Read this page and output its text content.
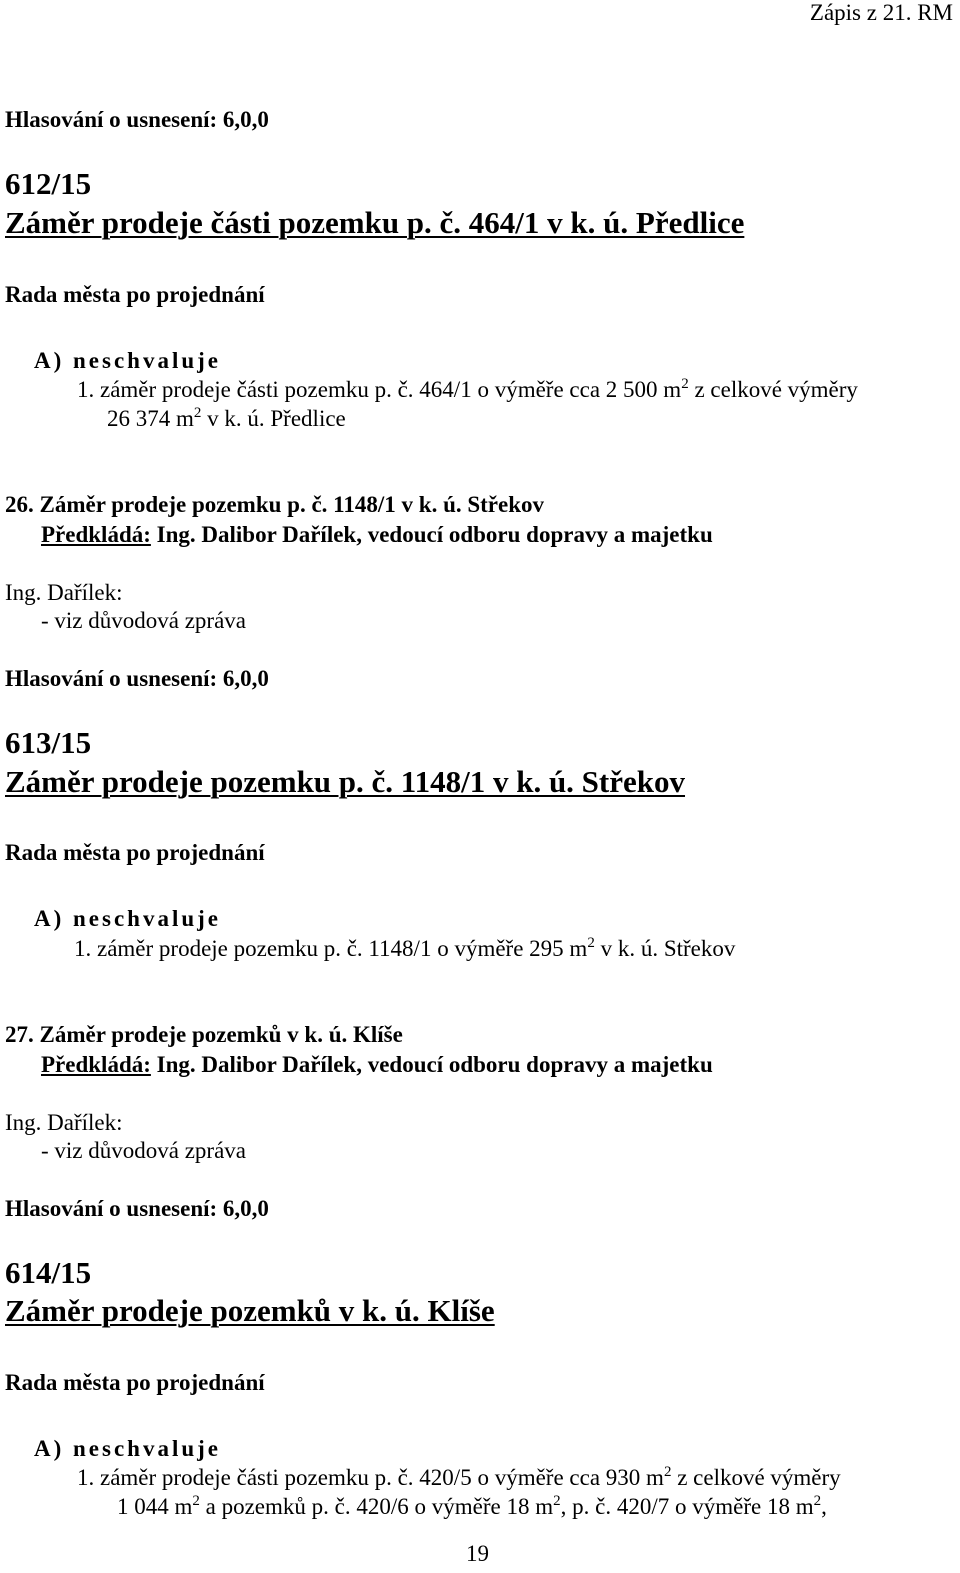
Zápis z 21. RM
Hlasování o usnesení: 6,0,0
612/15
Záměr prodeje části pozemku p. č. 464/1 v k. ú. Předlice
Rada města po projednání
A) neschvaluje
1. záměr prodeje části pozemku p. č. 464/1 o výměře cca 2 500 $m^2$ z celkové výměry
26 374 $m^2$ v k. ú. Předlice
26. Záměr prodeje pozemku p. č. 1148/1 v k. ú. Střekov
Předkládá: Ing. Dalibor Dařílek, vedoucí odboru dopravy a majetku
Ing. Dařílek:
- viz důvodová zpráva
Hlasování o usnesení: 6,0,0
613/15
Záměr prodeje pozemku p. č. 1148/1 v k. ú. Střekov
Rada města po projednání
A) neschvaluje
1. záměr prodeje pozemku p. č. 1148/1 o výměře 295 $m^2$ v k. ú. Střekov
27. Záměr prodeje pozemků v k. ú. Klíše
Předkládá: Ing. Dalibor Dařílek, vedoucí odboru dopravy a majetku
Ing. Dařílek:
- viz důvodová zpráva
Hlasování o usnesení: 6,0,0
614/15
Záměr prodeje pozemků v k. ú. Klíše
Rada města po projednání
A) neschvaluje
1. záměr prodeje části pozemku p. č. 420/5 o výměře cca 930 $m^2$ z celkové výměry
1 044 $m^2$ a pozemků p. č. 420/6 o výměře 18 $m^2$, p. č. 420/7 o výměře 18 $m^2$,
19
